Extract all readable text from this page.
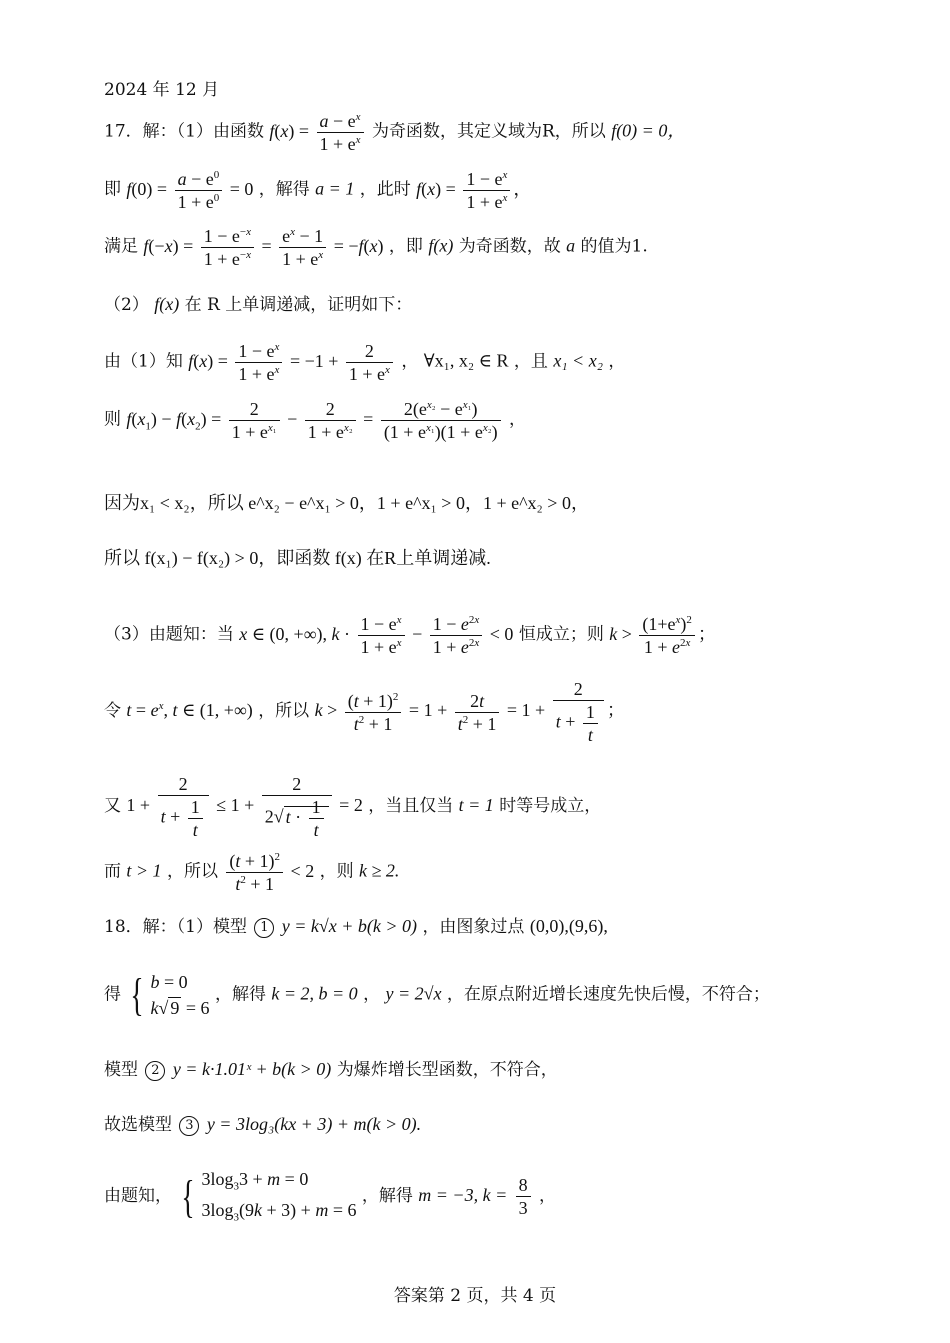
2024 年 12 月
17．解：（1）由函数 $f(x) = \frac{a - e^x}{1 + e^x}$ 为奇函数，其定义域为R，所以 f(0) = 0，
即 $f(0) = \frac{a - e^0}{1 + e^0} = 0$ ，解得 a = 1 ，此时 $f(x) = \frac{1 - e^x}{1 + e^x}$ ，
满足 $f(-x) = \frac{1 - e^{-x}}{1 + e^{-x}} = \frac{e^x - 1}{1 + e^x} = -f(x)$ ，即 f(x) 为奇函数，故 a 的值为1.
（2） f(x) 在 R 上单调递减，证明如下：
由（1）知 $f(x) = \frac{1 - e^x}{1 + e^x} = -1 + \frac{2}{1 + e^x}$ ， ∀x₁, x₂ ∈ R ，且 x₁ < x₂ ，
则 $f(x_1) - f(x_2) = \frac{2}{1 + e^{x_1}} - \frac{2}{1 + e^{x_2}} = \frac{2(e^{x_2} - e^{x_1})}{(1 + e^{x_1})(1 + e^{x_2})}$ ，
因为x₁ < x₂，所以 e^x₂ − e^x₁ > 0，1 + e^x₁ > 0，1 + e^x₂ > 0，
所以 f(x₁) − f(x₂) > 0，即函数 f(x) 在R上单调递减.
（3）由题知：当 x ∈ (0, +∞), $k \cdot \frac{1 - e^x}{1 + e^x} - \frac{1 - e^{2x}}{1 + e^{2x}} < 0$ 恒成立；则 $k > \frac{(1+e^x)^2}{1 + e^{2x}}$ ；
令 $t = e^x$, t ∈ (1, +∞) ，所以 $k > \frac{(t + 1)^2}{t^2 + 1} = 1 + \frac{2t}{t^2 + 1} = 1 + \frac{2}{t + \frac{1}{t}}$ ；
又 $1 + \frac{2}{t + \frac{1}{t}} \le 1 + \frac{2}{2√ t \cdot \frac{1}{t}} = 2$ ，当且仅当 t = 1 时等号成立，
而 t > 1 ，所以 $\frac{(t + 1)^2}{t^2 + 1} < 2$ ，则 k ≥ 2.
18．解：（1）模型 1 y = k√x + b(k > 0) ，由图象过点 (0,0),(9,6),
得 { b = 0
k√ 9 = 6
，解得 k = 2, b = 0 ， y = 2√x ，在原点附近增长速度先快后慢，不符合；
模型 2 y = k·1.01ˣ + b(k > 0) 为爆炸增长型函数，不符合，
故选模型 3 y = 3log₃(kx + 3) + m(k > 0).
由题知， { $3\log_33 + m = 0$
$3\log_3(9k + 3) + m = 6$
，解得 m = −3, $k = \frac{8}{3}$ ，
答案第 2 页，共 4 页
